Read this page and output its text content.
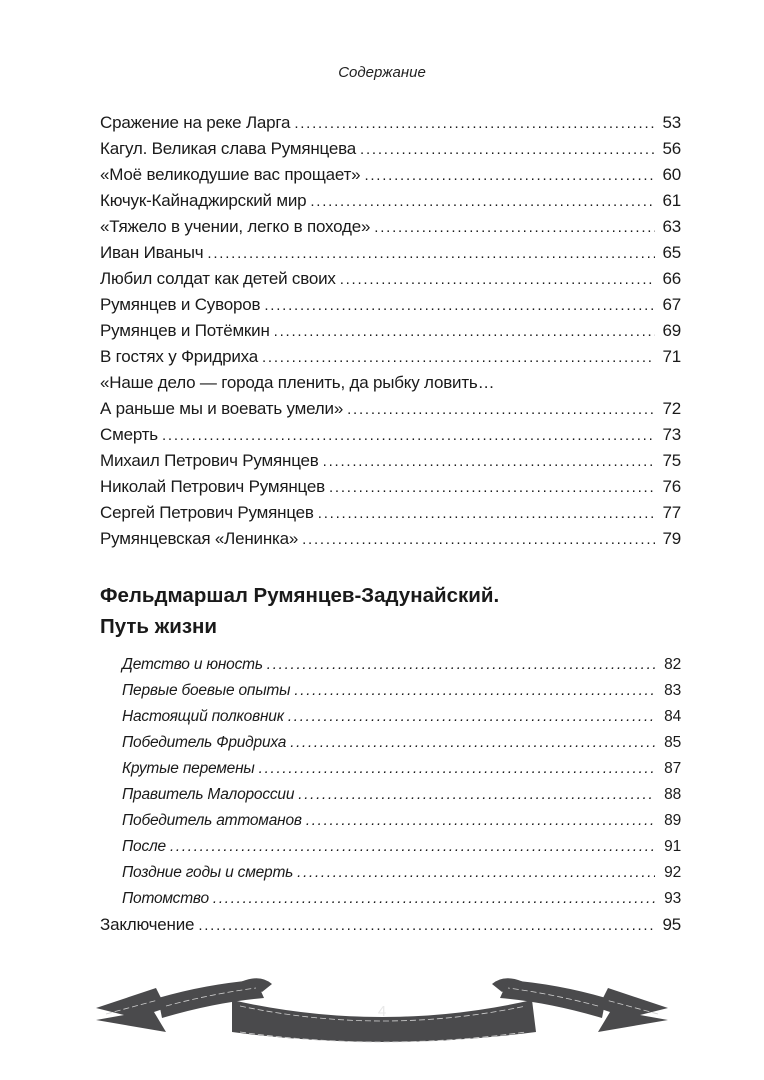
Содержание
Сражение на реке Ларга . . .	53
Кагул. Великая слава Румянцева . . .	56
«Моё великодушие вас прощает» . . .	60
Кючук-Кайнаджирский мир . . .	61
«Тяжело в учении, легко в походе» . . .	63
Иван Иваныч . . .	65
Любил солдат как детей своих . . .	66
Румянцев и Суворов . . .	67
Румянцев и Потёмкин . . .	69
В гостях у Фридриха . . .	71
«Наше дело — города пленить, да рыбку ловить…
А раньше мы и воевать умели» . . .	72
Смерть . . .	73
Михаил Петрович Румянцев . . .	75
Николай Петрович Румянцев . . .	76
Сергей Петрович Румянцев . . .	77
Румянцевская «Ленинка» . . .	79
Фельдмаршал Румянцев-Задунайский.
Путь жизни
Детство и юность . . .	82
Первые боевые опыты . . .	83
Настоящий полковник . . .	84
Победитель Фридриха . . .	85
Крутые перемены . . .	87
Правитель Малороссии . . .	88
Победитель аттоманов . . .	89
После . . .	91
Поздние годы и смерть . . .	92
Потомство . . .	93
Заключение . . .	95
4
